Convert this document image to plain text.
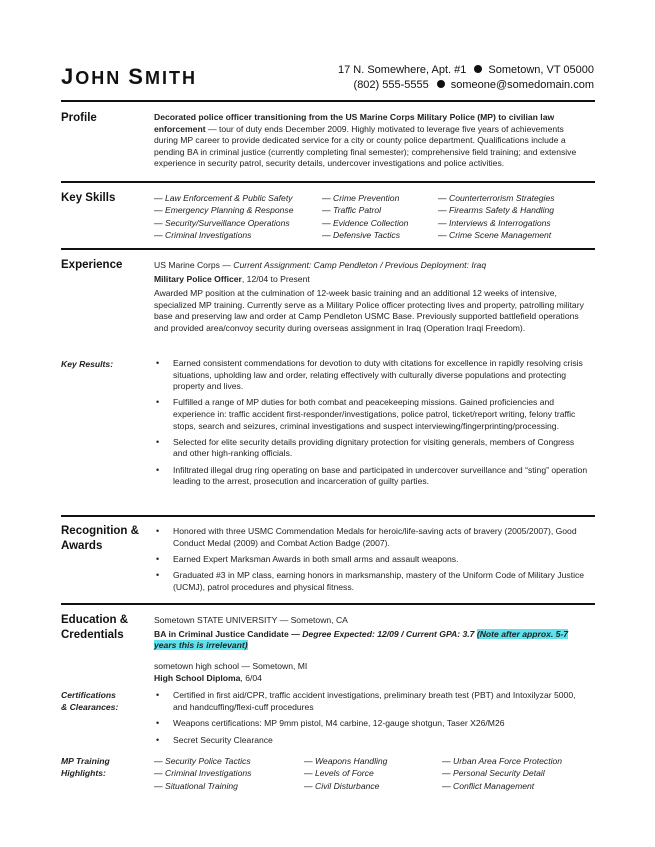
JOHN SMITH	17 N. Somewhere, Apt. #1 Sometown, VT 05000
(802) 555-5555 someone@somedomain.com
Profile	Decorated police officer transitioning from the US Marine Corps Military Police (MP) to civilian law enforcement — tour of duty ends December 2009. Highly motivated to leverage five years of achievements during MP career to provide dedicated service for a city or county police department. Qualifications include a pending BA in criminal justice (currently completing final semester); comprehensive field training; and extensive experience in security patrol, security details, undercover investigations and police activities.

Key Skills	— Law Enforcement & Public Safety
— Emergency Planning & Response
— Security/Surveillance Operations
— Criminal Investigations
— Crime Prevention
— Traffic Patrol
— Evidence Collection
— Defensive Tactics
— Counterterrorism Strategies
— Firearms Safety & Handling
— Interviews & Interrogations
— Crime Scene Management
Experience	US Marine Corps — Current Assignment: Camp Pendleton / Previous Deployment: Iraq

Military Police Officer, 12/04 to Present

Awarded MP position at the culmination of 12-week basic training and an additional 12 weeks of intensive, specialized MP training. Currently serve as a Military Police officer protecting lives and property, patrolling military base and preserving law and order at Camp Pendleton USMC Base. Previously supported battlefield operations and provided area/convoy security during overseas assignment in Iraq (Operation Iraqi Freedom).

Key Results:
•	Earned consistent commendations for devotion to duty with citations for excellence in rapidly resolving crisis situations, upholding law and order, relating effectively with culturally diverse populations and protecting property and lives.
• Fulfilled a range of MP duties for both combat and peacekeeping missions. Gained proficiencies and experience in: traffic accident first-responder/investigations, police patrol, ticket/report writing, felony traffic stops, search and seizures, criminal investigations and suspect interviewing/fingerprinting/processing.
• Selected for elite security details providing dignitary protection for visiting generals, members of Congress and other high-ranking officials.
• Infiltrated illegal drug ring operating on base and participated in undercover surveillance and “sting” operation leading to the arrest, prosecution and incarceration of guilty parties.
Recognition &
Awards
• Honored with three USMC Commendation Medals for heroic/life-saving acts of bravery (2005/2007), Good Conduct Medal (2009) and Combat Action Badge (2007).
• Earned Expert Marksman Awards in both small arms and assault weapons.
• Graduated #3 in MP class, earning honors in marksmanship, mastery of the Uniform Code of Military Justice (UCMJ), patrol procedures and physical fitness.
Education &
Credentials

Sometown STATE UNIVERSITY — Sometown, CA

BA in Criminal Justice Candidate — Degree Expected: 12/09 / Current GPA: 3.7 (Note after approx. 5-7 years this is irrelevant)

sometown high school — Sometown, MI

High School Diploma, 6/04

Certifications
& Clearances:
• Certified in first aid/CPR, traffic accident investigations, preliminary breath test (PBT) and Intoxilyzar 5000, and handcuffing/flexi-cuff procedures
• Weapons certifications: MP 9mm pistol, M4 carbine, 12-gauge shotgun, Taser X26/M26
• Secret Security Clearance
MP Training
Highlights:
— Security Police Tactics
— Criminal Investigations
— Situational Training
— Weapons Handling
— Levels of Force
— Civil Disturbance
— Urban Area Force Protection
— Personal Security Detail
— Conflict Management
